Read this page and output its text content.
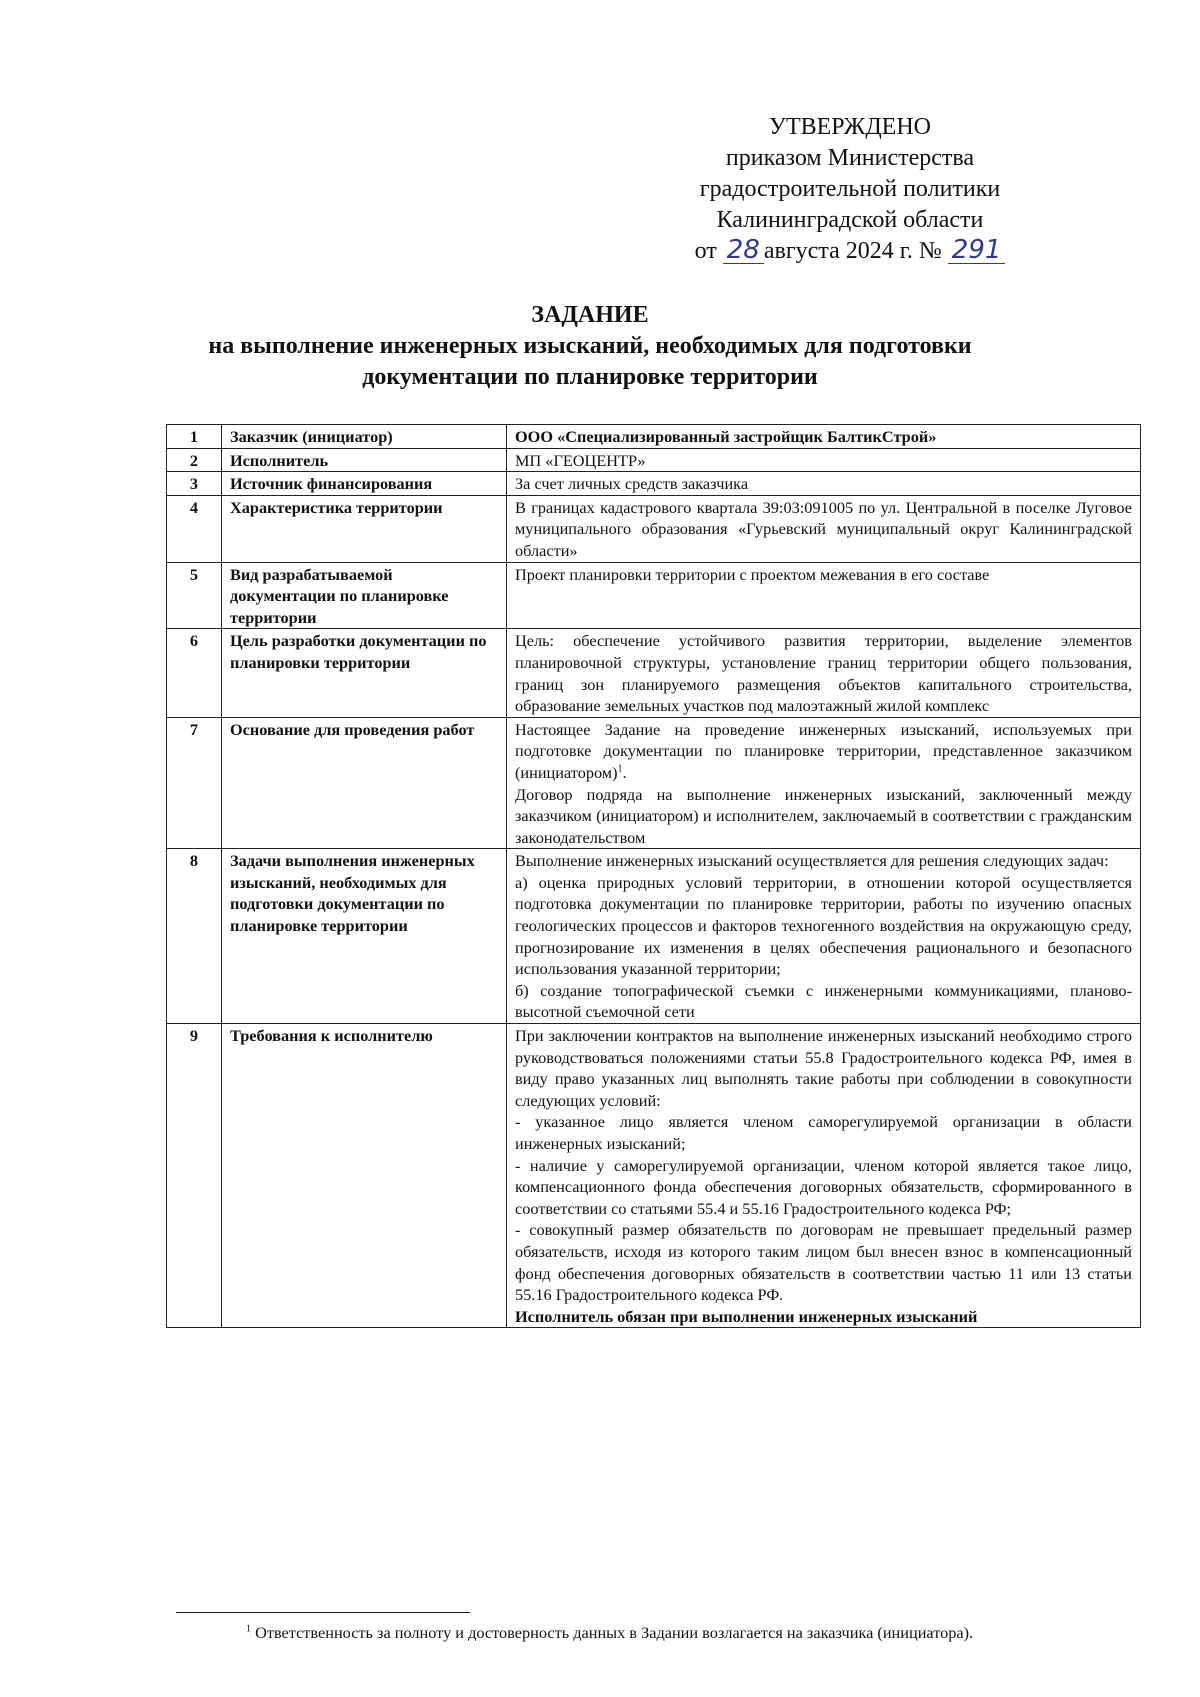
УТВЕРЖДЕНО
приказом Министерства
градостроительной политики
Калининградской области
от 28 августа 2024 г. № 291
ЗАДАНИЕ
на выполнение инженерных изысканий, необходимых для подготовки документации по планировке территории
1	Заказчик (инициатор)	ООО «Специализированный застройщик БалтикСтрой»
2	Исполнитель	МП «ГЕОЦЕНТР»
3	Источник финансирования	За счет личных средств заказчика
4	Характеристика территории	В границах кадастрового квартала 39:03:091005 по ул. Центральной в поселке Луговое муниципального образования «Гурьевский муниципальный округ Калининградской области»
5	Вид разрабатываемой документации по планировке территории	Проект планировки территории с проектом межевания в его составе
6	Цель разработки документации по планировки территории	Цель: обеспечение устойчивого развития территории, выделение элементов планировочной структуры, установление границ территории общего пользования, границ зон планируемого размещения объектов капитального строительства, образование земельных участков под малоэтажный жилой комплекс
7	Основание для проведения работ	Настоящее Задание на проведение инженерных изысканий, используемых при подготовке документации по планировке территории, представленное заказчиком (инициатором)$^1$.

Договор подряда на выполнение инженерных изысканий, заключенный между заказчиком (инициатором) и исполнителем, заключаемый в соответствии с гражданским законодательством

8	Задачи выполнения инженерных изысканий, необходимых для подготовки документации по планировке территории	Выполнение инженерных изысканий осуществляется для решения следующих задач:

а) оценка природных условий территории, в отношении которой осуществляется подготовка документации по планировке территории, работы по изучению опасных геологических процессов и факторов техногенного воздействия на окружающую среду, прогнозирование их изменения в целях обеспечения рационального и безопасного использования указанной территории;

б) создание топографической съемки с инженерными коммуникациями, планово-высотной съемочной сети

9	Требования к исполнителю	При заключении контрактов на выполнение инженерных изысканий необходимо строго руководствоваться положениями статьи 55.8 Градостроительного кодекса РФ, имея в виду право указанных лиц выполнять такие работы при соблюдении в совокупности следующих условий:

- указанное лицо является членом саморегулируемой организации в области инженерных изысканий;

- наличие у саморегулируемой организации, членом которой является такое лицо, компенсационного фонда обеспечения договорных обязательств, сформированного в соответствии со статьями 55.4 и 55.16 Градостроительного кодекса РФ;

- совокупный размер обязательств по договорам не превышает предельный размер обязательств, исходя из которого таким лицом был внесен взнос в компенсационный фонд обеспечения договорных обязательств в соответствии частью 11 или 13 статьи 55.16 Градостроительного кодекса РФ.

Исполнитель обязан при выполнении инженерных изысканий

$^1$ Ответственность за полноту и достоверность данных в Задании возлагается на заказчика (инициатора).
